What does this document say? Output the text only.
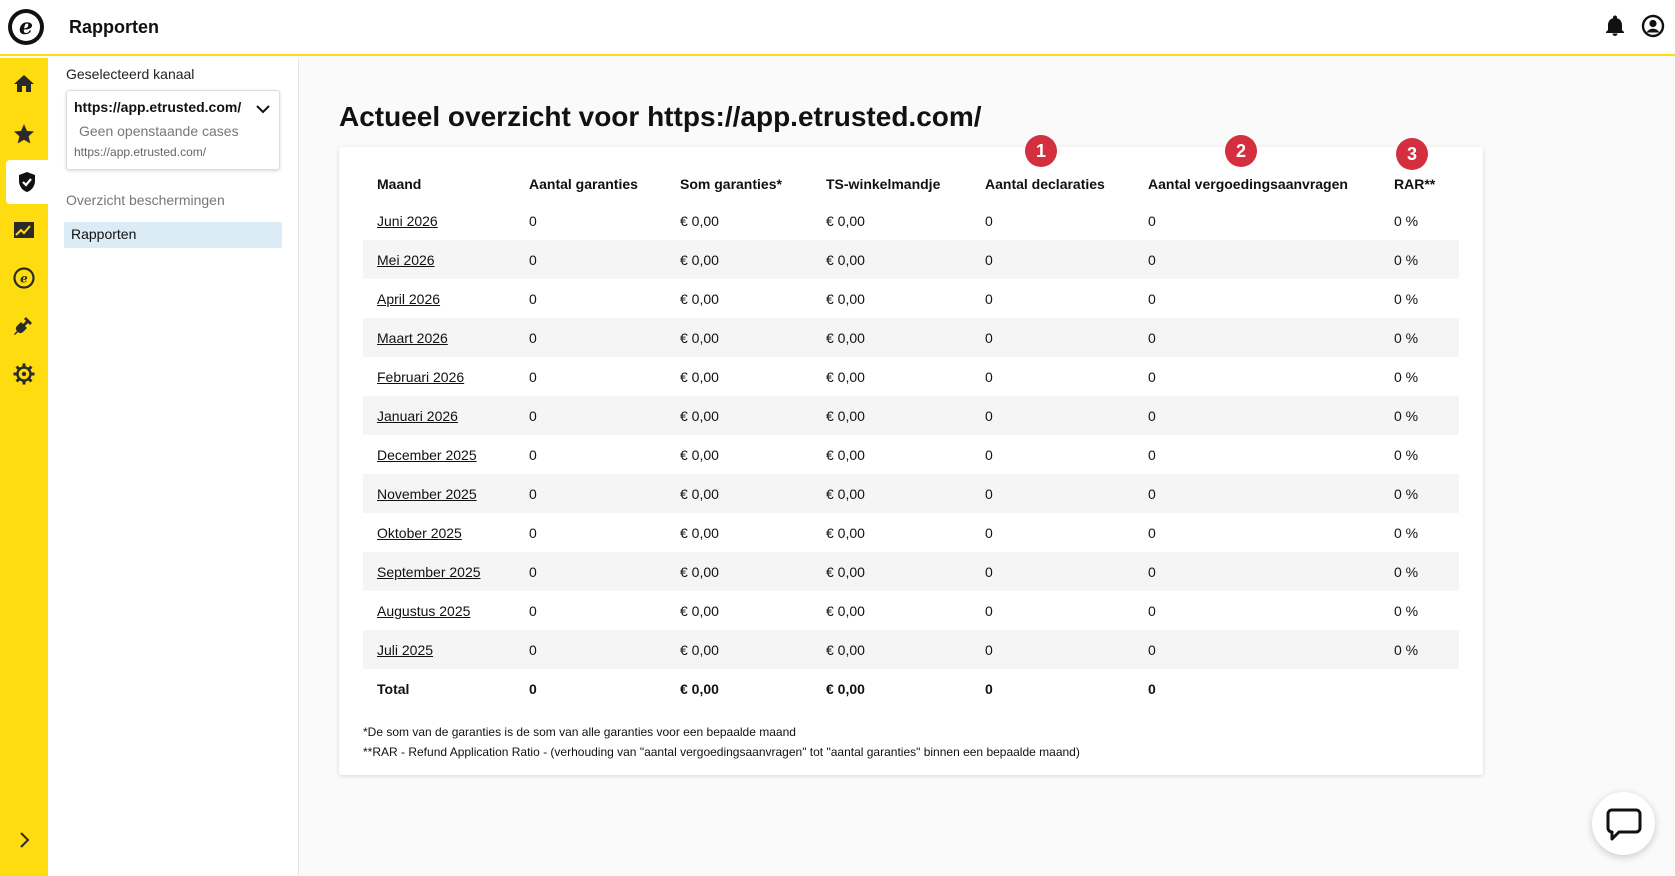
e	Rapporten
e
Geselecteerd kanaal
https://app.etrusted.com/
Geen openstaande cases
https://app.etrusted.com/
Overzicht beschermingen
Rapporten
Actueel overzicht voor https://app.etrusted.com/
Maand	Aantal garanties	Som garanties*	TS-winkelmandje	Aantal declaraties	Aantal vergoedingsaanvragen	RAR**
Juni 2026	0	€ 0,00	€ 0,00	0	0	0 %
Mei 2026	0	€ 0,00	€ 0,00	0	0	0 %
April 2026	0	€ 0,00	€ 0,00	0	0	0 %
Maart 2026	0	€ 0,00	€ 0,00	0	0	0 %
Februari 2026	0	€ 0,00	€ 0,00	0	0	0 %
Januari 2026	0	€ 0,00	€ 0,00	0	0	0 %
December 2025	0	€ 0,00	€ 0,00	0	0	0 %
November 2025	0	€ 0,00	€ 0,00	0	0	0 %
Oktober 2025	0	€ 0,00	€ 0,00	0	0	0 %
September 2025	0	€ 0,00	€ 0,00	0	0	0 %
Augustus 2025	0	€ 0,00	€ 0,00	0	0	0 %
Juli 2025	0	€ 0,00	€ 0,00	0	0	0 %
Total	0	€ 0,00	€ 0,00	0	0	
*De som van de garanties is de som van alle garanties voor een bepaalde maand
**RAR - Refund Application Ratio - (verhouding van "aantal vergoedingsaanvragen" tot "aantal garanties" binnen een bepaalde maand)
1	2	3
